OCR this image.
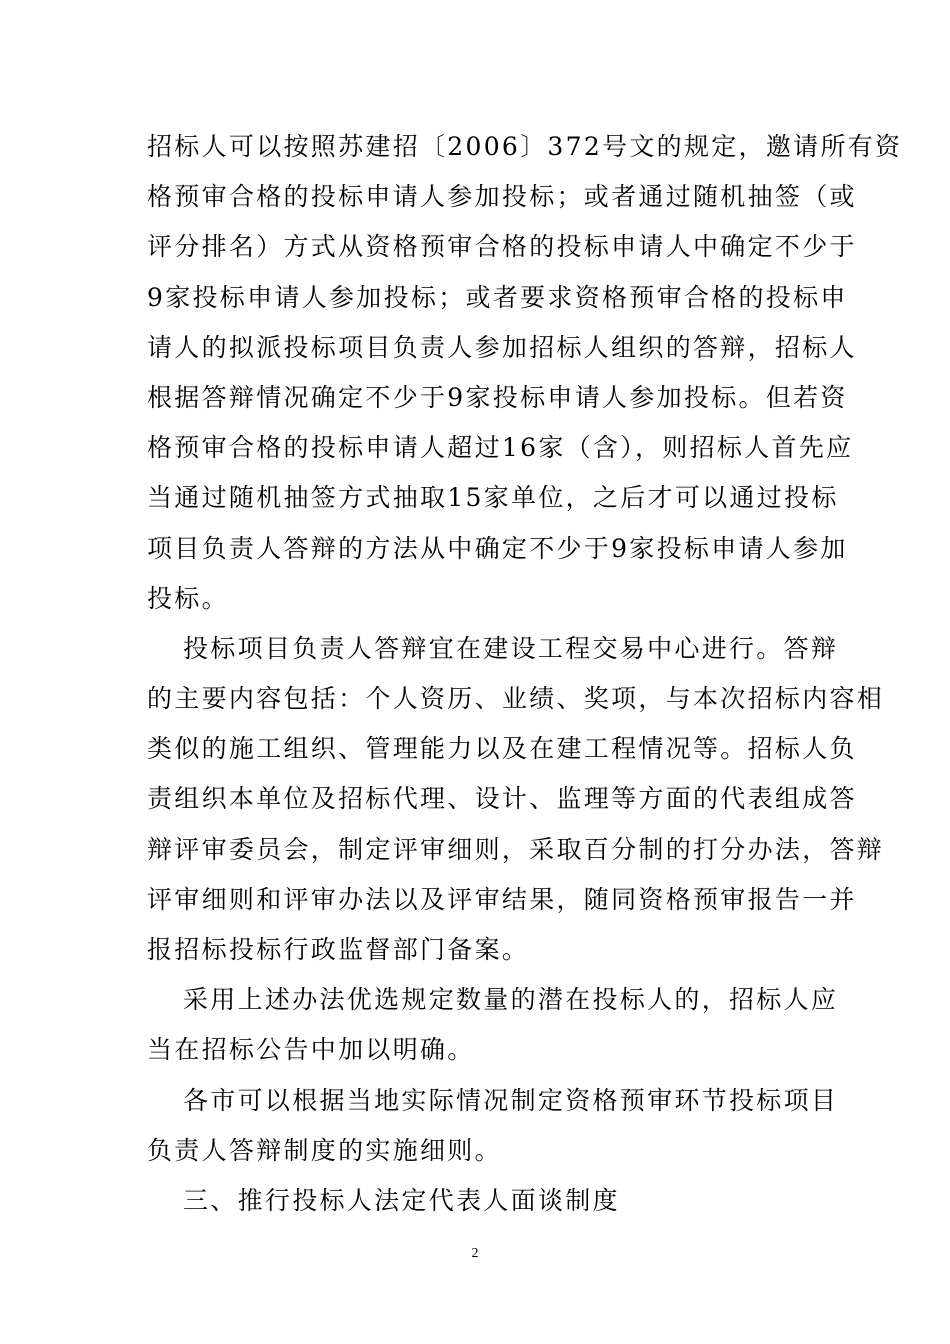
招标人可以按照苏建招〔2006〕372号文的规定，邀请所有资
格预审合格的投标申请人参加投标；或者通过随机抽签（或
评分排名）方式从资格预审合格的投标申请人中确定不少于
9家投标申请人参加投标；或者要求资格预审合格的投标申
请人的拟派投标项目负责人参加招标人组织的答辩，招标人
根据答辩情况确定不少于9家投标申请人参加投标。但若资
格预审合格的投标申请人超过16家（含），则招标人首先应
当通过随机抽签方式抽取15家单位，之后才可以通过投标
项目负责人答辩的方法从中确定不少于9家投标申请人参加
投标。
投标项目负责人答辩宜在建设工程交易中心进行。答辩
的主要内容包括：个人资历、业绩、奖项，与本次招标内容相
类似的施工组织、管理能力以及在建工程情况等。招标人负
责组织本单位及招标代理、设计、监理等方面的代表组成答
辩评审委员会，制定评审细则，采取百分制的打分办法，答辩
评审细则和评审办法以及评审结果，随同资格预审报告一并
报招标投标行政监督部门备案。
采用上述办法优选规定数量的潜在投标人的，招标人应
当在招标公告中加以明确。
各市可以根据当地实际情况制定资格预审环节投标项目
负责人答辩制度的实施细则。
三、推行投标人法定代表人面谈制度
2
